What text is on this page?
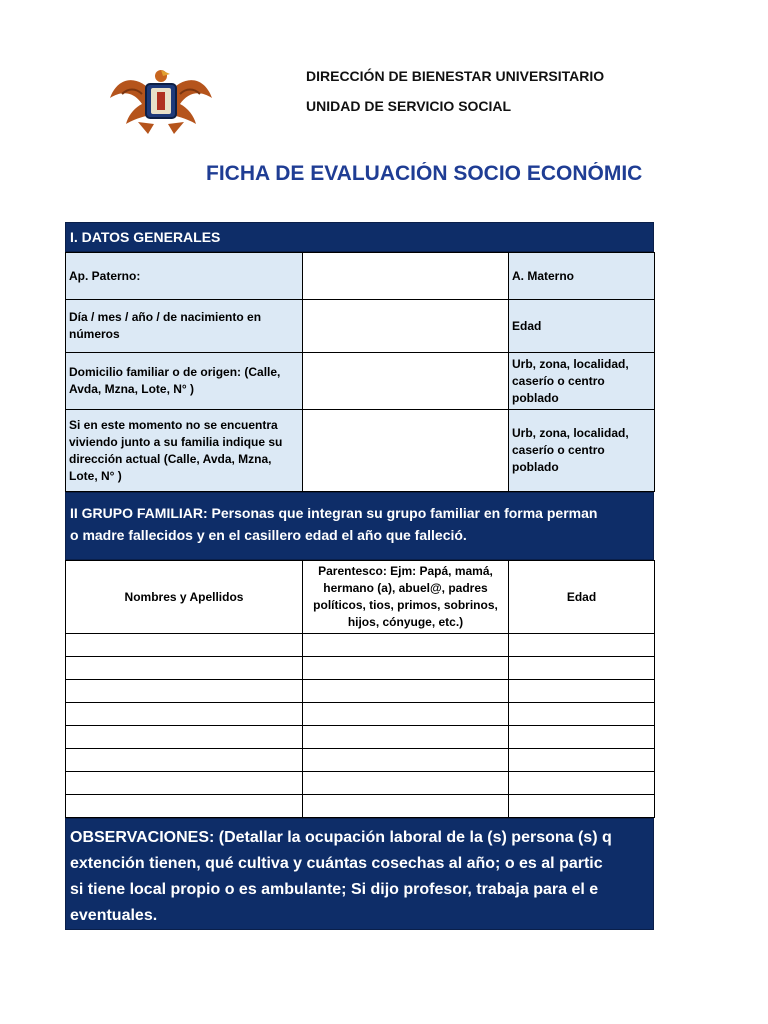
DIRECCIÓN DE BIENESTAR UNIVERSITARIO
UNIDAD DE SERVICIO SOCIAL
FICHA DE EVALUACIÓN SOCIO ECONÓMIC
I. DATOS GENERALES
Ap. Paterno:		A. Materno
Día / mes / año / de nacimiento en números		Edad
Domicilio familiar o de origen: (Calle, Avda, Mzna, Lote, N° )		Urb, zona, localidad, caserío o centro poblado
Si en este momento no se encuentra viviendo junto a su familia indique su dirección actual (Calle, Avda, Mzna, Lote, N° )		Urb, zona, localidad, caserío o centro poblado
II GRUPO FAMILIAR: Personas que integran su grupo familiar en forma perman
o madre fallecidos y en el casillero edad el año que falleció.
Nombres y Apellidos	Parentesco: Ejm: Papá, mamá, hermano (a), abuel@, padres políticos, tios, primos, sobrinos, hijos, cónyuge, etc.)	Edad

OBSERVACIONES: (Detallar la ocupación laboral de la (s) persona (s) q
extención tienen, qué cultiva y cuántas cosechas al año; o es al partic
si tiene local propio o es ambulante; Si dijo profesor, trabaja para el e
eventuales.
